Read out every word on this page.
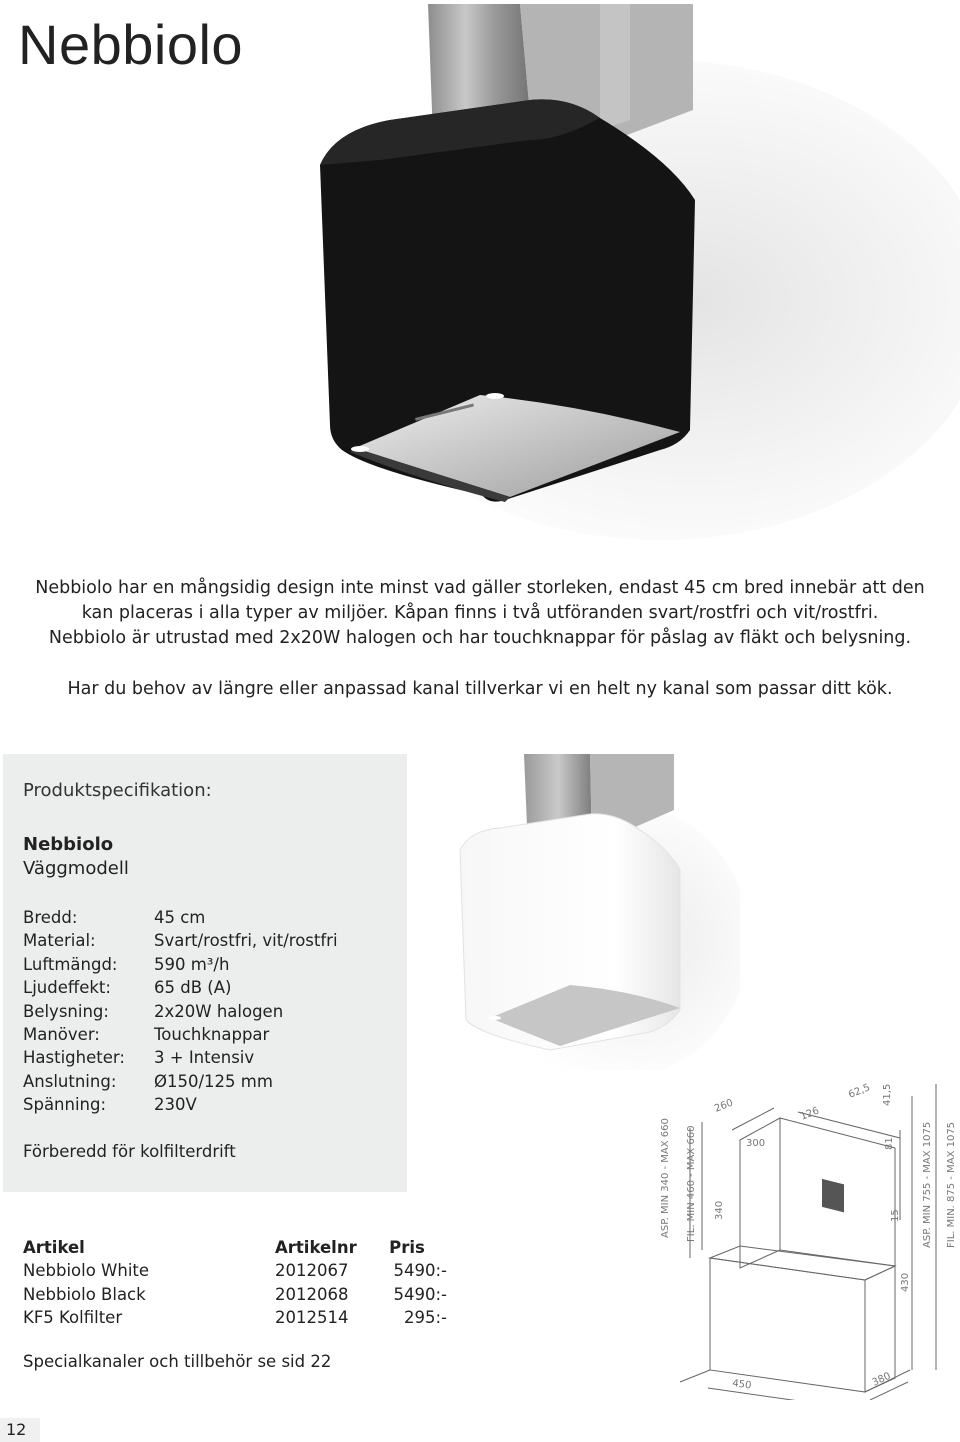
Nebbiolo

Nebbiolo har en mångsidig design inte minst vad gäller storleken, endast 45 cm bred innebär att den

kan placeras i alla typer av miljöer. Kåpan finns i två utföranden svart/rostfri och vit/rostfri.

Nebbiolo är utrustad med 2x20W halogen och har touchknappar för påslag av fläkt och belysning.

Har du behov av längre eller anpassad kanal tillverkar vi en helt ny kanal som passar ditt kök.

Produktspecifikation:
Nebbiolo
Väggmodell
Bredd:	45 cm
Material:	Svart/rostfri, vit/rostfri
Luftmängd: 590 m³/h
Ljudeffekt:	65 dB (A)
Belysning:	2x20W halogen
Manöver:	Touchknappar
Hastigheter: 3 + Intensiv
Anslutning: Ø150/125 mm
Spänning:	230V
Förberedd för kolfilterdrift	ASP. MIN 340 - MAX 660 FIL. MIN 460 - MAX 660 340
260
300
126
62,5 41,5
81
15
430
ASP. MIN 755 - MAX 1075 FIL. MIN. 875 - MAX 1075
450	380
Artikel	Artikelnr	Pris
Nebbiolo White	2012067	5490:-
Nebbiolo Black	2012068	5490:-
KF5 Kolfilter	2012514	295:-
Specialkanaler och tillbehör se sid 22
12
